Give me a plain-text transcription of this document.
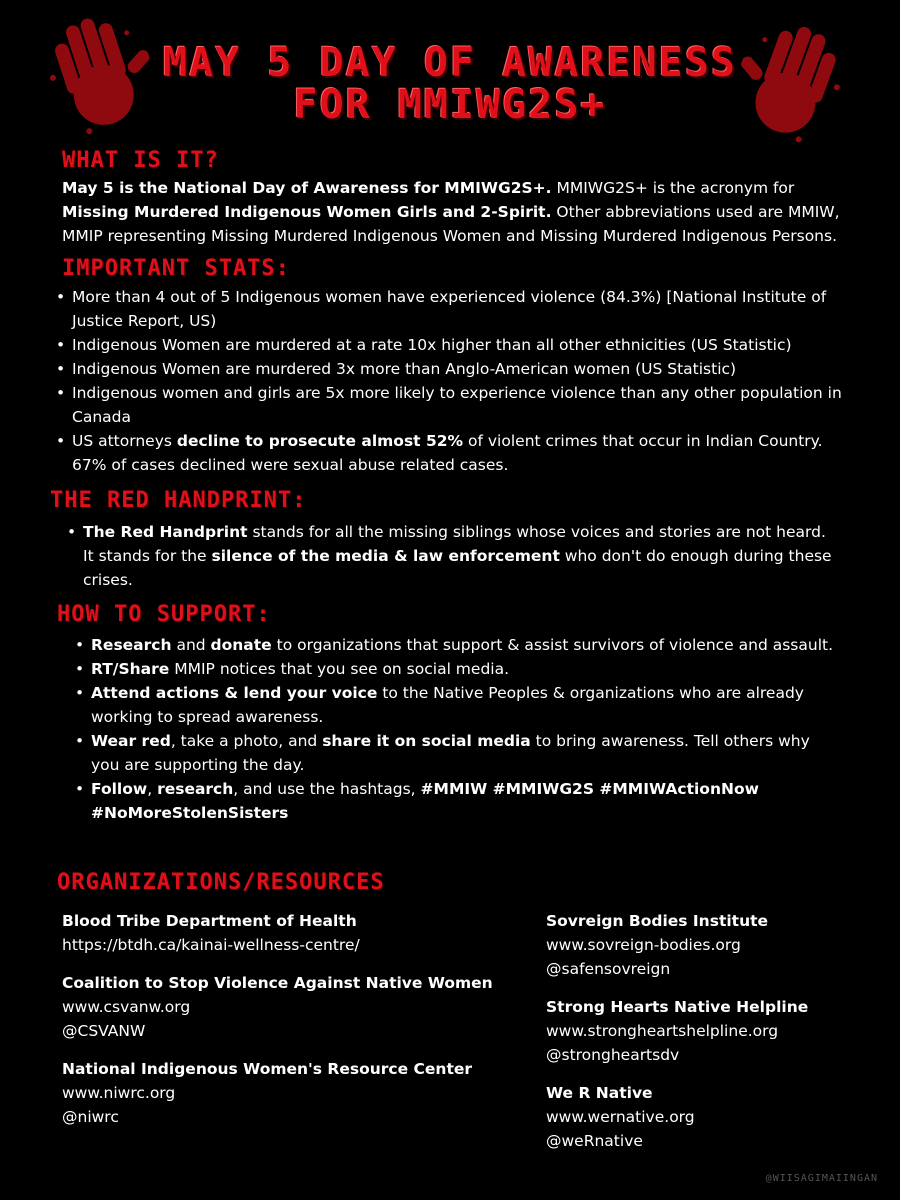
MAY 5 DAY OF AWARENESS
FOR MMIWG2S+
WHAT IS IT?
May 5 is the National Day of Awareness for MMIWG2S+. MMIWG2S+ is the acronym for Missing Murdered Indigenous Women Girls and 2-Spirit. Other abbreviations used are MMIW, MMIP representing Missing Murdered Indigenous Women and Missing Murdered Indigenous Persons.
IMPORTANT STATS:
• More than 4 out of 5 Indigenous women have experienced violence (84.3%) [National Institute of Justice Report, US)
• Indigenous Women are murdered at a rate 10x higher than all other ethnicities (US Statistic)
• Indigenous Women are murdered 3x more than Anglo-American women (US Statistic)
• Indigenous women and girls are 5x more likely to experience violence than any other population in Canada
• US attorneys decline to prosecute almost 52% of violent crimes that occur in Indian Country. 67% of cases declined were sexual abuse related cases.
THE RED HANDPRINT:
• The Red Handprint stands for all the missing siblings whose voices and stories are not heard. It stands for the silence of the media & law enforcement who don't do enough during these crises.
HOW TO SUPPORT:
• Research and donate to organizations that support & assist survivors of violence and assault.
• RT/Share MMIP notices that you see on social media.
• Attend actions & lend your voice to the Native Peoples & organizations who are already working to spread awareness.
• Wear red, take a photo, and share it on social media to bring awareness. Tell others why you are supporting the day.
• Follow, research, and use the hashtags, #MMIW #MMIWG2S #MMIWActionNow #NoMoreStolenSisters
ORGANIZATIONS/RESOURCES
Blood Tribe Department of Health
https://btdh.ca/kainai-wellness-centre/
Coalition to Stop Violence Against Native Women
www.csvanw.org
@CSVANW
National Indigenous Women's Resource Center
www.niwrc.org
@niwrc
Sovreign Bodies Institute
www.sovreign-bodies.org
@safensovreign
Strong Hearts Native Helpline
www.strongheartshelpline.org
@strongheartsdv
We R Native
www.wernative.org
@weRnative
@WIISAGIMAIINGAN
